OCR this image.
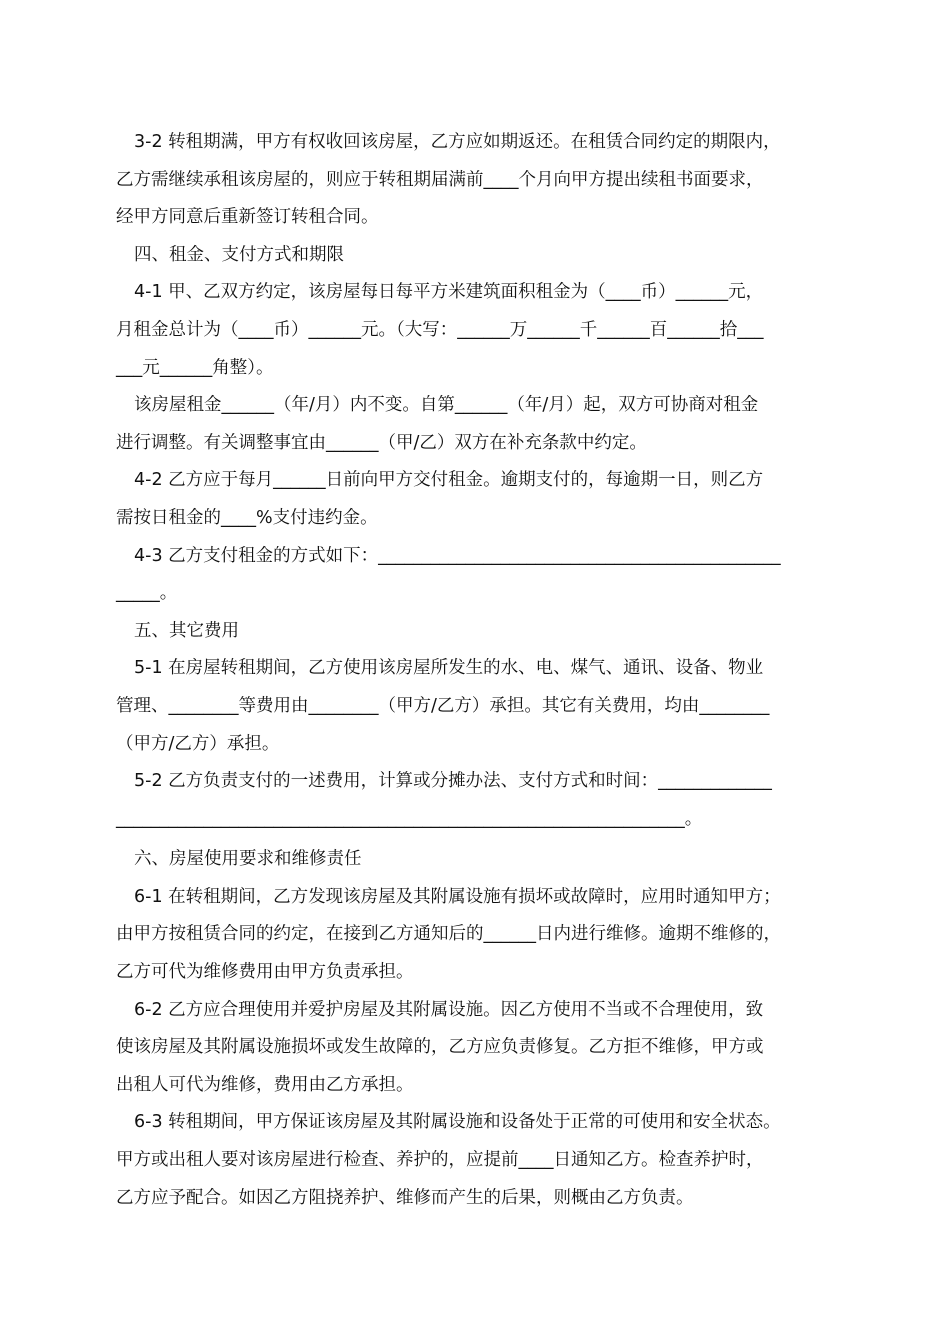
3-2 转租期满，甲方有权收回该房屋，乙方应如期返还。在租赁合同约定的期限内，
乙方需继续承租该房屋的，则应于转租期届满前____个月向甲方提出续租书面要求，
经甲方同意后重新签订转租合同。
四、租金、支付方式和期限
4-1 甲、乙双方约定，该房屋每日每平方米建筑面积租金为（____币）______元，
月租金总计为（____币）______元。（大写：______万______千______百______拾___
___元______角整）。
该房屋租金______（年/月）内不变。自第______（年/月）起，双方可协商对租金
进行调整。有关调整事宜由______（甲/乙）双方在补充条款中约定。
4-2 乙方应于每月______日前向甲方交付租金。逾期支付的，每逾期一日，则乙方
需按日租金的____%支付违约金。
4-3 乙方支付租金的方式如下：______________________________________________
_____。
五、其它费用
5-1 在房屋转租期间，乙方使用该房屋所发生的水、电、煤气、通讯、设备、物业
管理、________等费用由________（甲方/乙方）承担。其它有关费用，均由________
（甲方/乙方）承担。
5-2 乙方负责支付的一述费用，计算或分摊办法、支付方式和时间：_____________
_________________________________________________________________。
六、房屋使用要求和维修责任
6-1 在转租期间，乙方发现该房屋及其附属设施有损坏或故障时，应用时通知甲方；
由甲方按租赁合同的约定，在接到乙方通知后的______日内进行维修。逾期不维修的，
乙方可代为维修费用由甲方负责承担。
6-2 乙方应合理使用并爱护房屋及其附属设施。因乙方使用不当或不合理使用，致
使该房屋及其附属设施损坏或发生故障的，乙方应负责修复。乙方拒不维修，甲方或
出租人可代为维修，费用由乙方承担。
6-3 转租期间，甲方保证该房屋及其附属设施和设备处于正常的可使用和安全状态。
甲方或出租人要对该房屋进行检查、养护的，应提前____日通知乙方。检查养护时，
乙方应予配合。如因乙方阻挠养护、维修而产生的后果，则概由乙方负责。
